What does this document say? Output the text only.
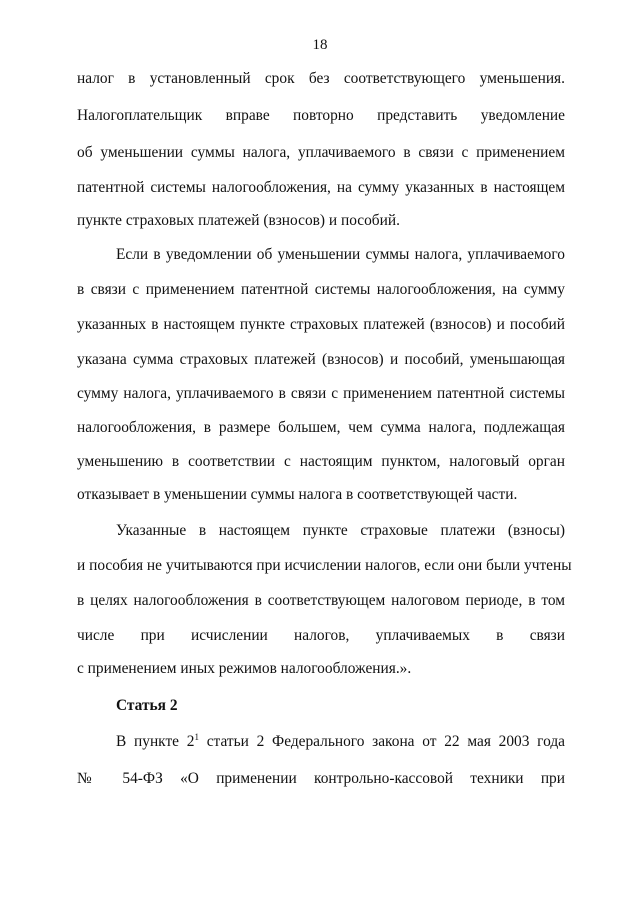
18
налог в установленный срок без соответствующего уменьшения.
Налогоплательщик вправе повторно представить уведомление
об уменьшении суммы налога, уплачиваемого в связи с применением
патентной системы налогообложения, на сумму указанных в настоящем
пункте страховых платежей (взносов) и пособий.
Если в уведомлении об уменьшении суммы налога, уплачиваемого
в связи с применением патентной системы налогообложения, на сумму
указанных в настоящем пункте страховых платежей (взносов) и пособий
указана сумма страховых платежей (взносов) и пособий, уменьшающая
сумму налога, уплачиваемого в связи с применением патентной системы
налогообложения, в размере большем, чем сумма налога, подлежащая
уменьшению в соответствии с настоящим пунктом, налоговый орган
отказывает в уменьшении суммы налога в соответствующей части.
Указанные в настоящем пункте страховые платежи (взносы)
и пособия не учитываются при исчислении налогов, если они были учтены
в целях налогообложения в соответствующем налоговом периоде, в том
числе при исчислении налогов, уплачиваемых в связи
с применением иных режимов налогообложения.».
Статья 2
В пункте $2^1$ статьи 2 Федерального закона от 22 мая 2003 года
№ 54-ФЗ «О применении контрольно-кассовой техники при
